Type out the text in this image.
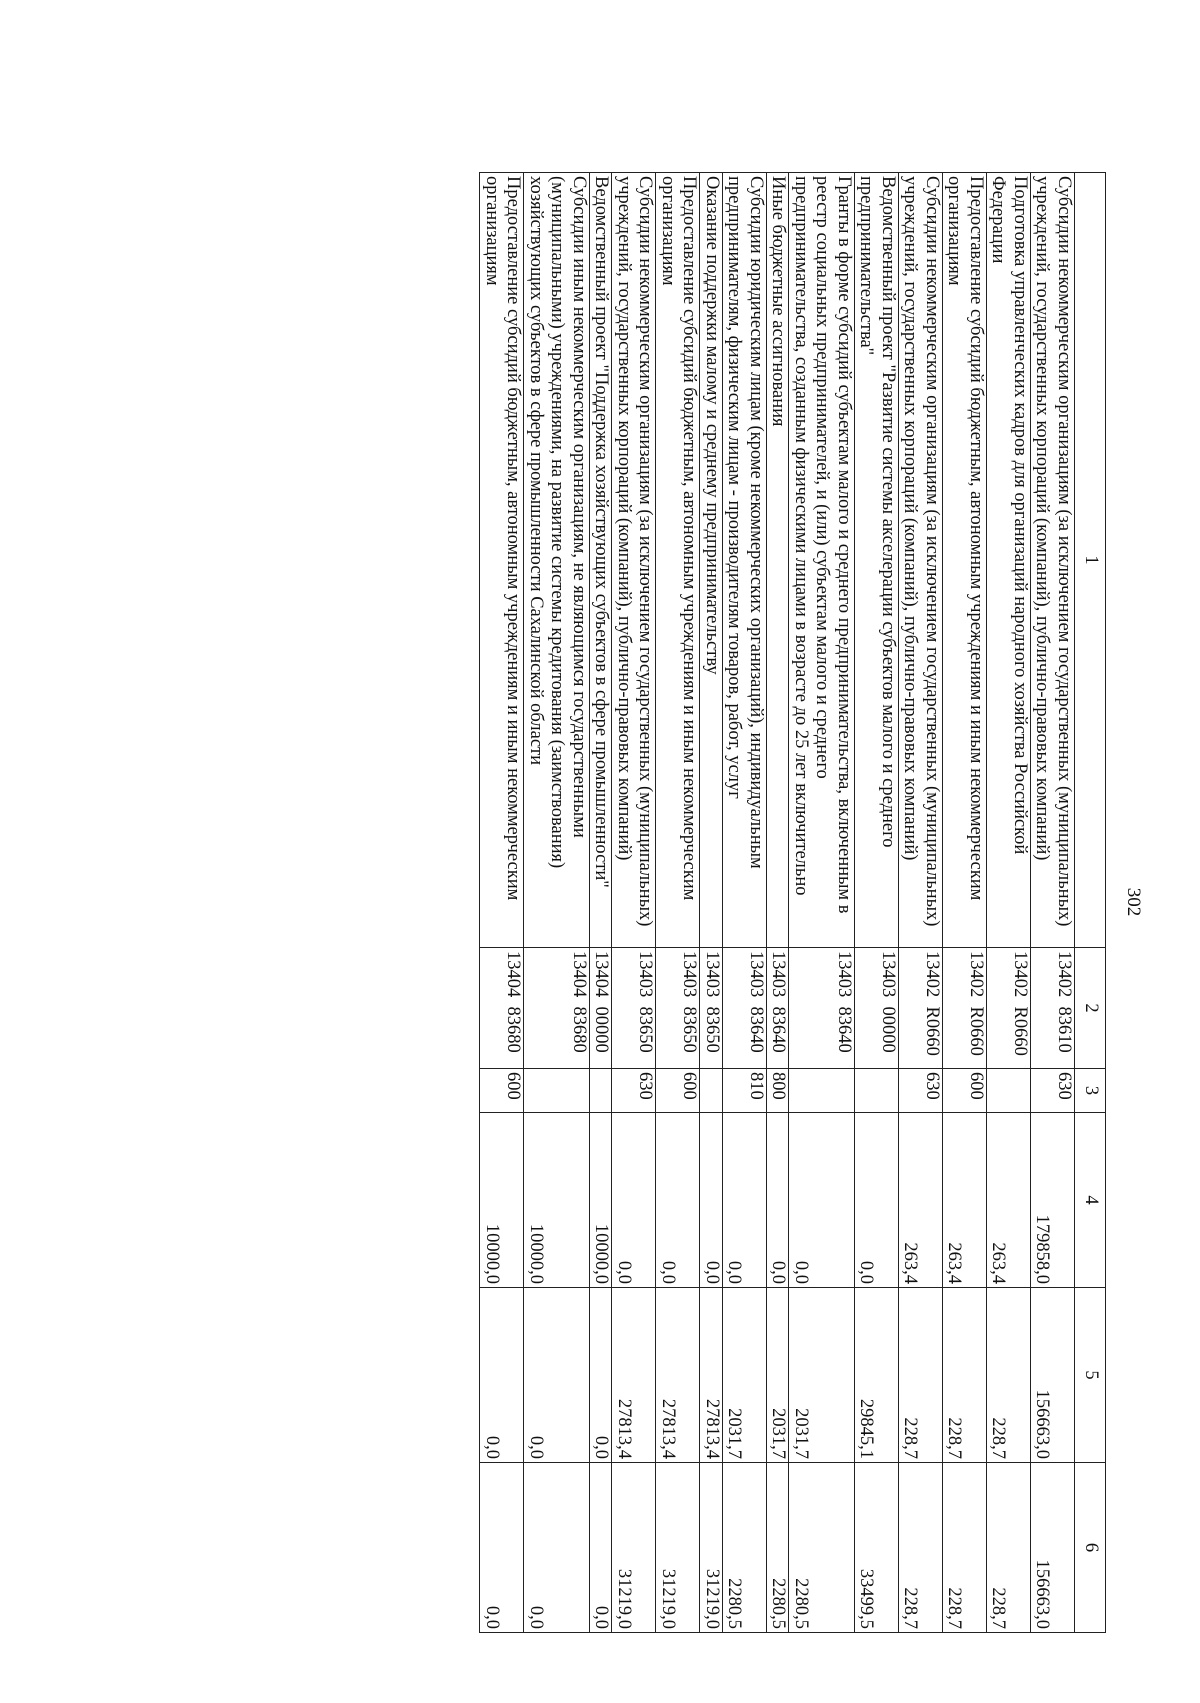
302
1	2	3	4	5	6
Субсидии некоммерческим организациям (за исключением государственных (муниципальных) учреждений, государственных корпораций (компаний), публично-правовых компаний)	13402  83610	630	179858,0	156663,0	156663,0
Подготовка управленческих кадров для организаций народного хозяйства Российской Федерации	13402  R0660		263,4	228,7	228,7
Предоставление субсидий бюджетным, автономным учреждениям и иным некоммерческим организациям	13402  R0660	600	263,4	228,7	228,7
Субсидии некоммерческим организациям (за исключением государственных (муниципальных) учреждений, государственных корпораций (компаний), публично-правовых компаний)	13402  R0660	630	263,4	228,7	228,7
Ведомственный проект "Развитие системы акселерации субъектов малого и среднего предпринимательства"	13403  00000		0,0	29845,1	33499,5
Гранты в форме субсидий субъектам малого и среднего предпринимательства, включенным в реестр социальных предпринимателей, и (или) субъектам малого и среднего предпринимательства, созданным физическими лицами в возрасте до 25 лет включительно	13403  83640		0,0	2031,7	2280,5
Иные бюджетные ассигнования	13403  83640	800	0,0	2031,7	2280,5
Субсидии юридическим лицам (кроме некоммерческих организаций), индивидуальным предпринимателям, физическим лицам - производителям товаров, работ, услуг	13403  83640	810	0,0	2031,7	2280,5
Оказание поддержки малому и среднему предпринимательству	13403  83650		0,0	27813,4	31219,0
Предоставление субсидий бюджетным, автономным учреждениям и иным некоммерческим организациям	13403  83650	600	0,0	27813,4	31219,0
Субсидии некоммерческим организациям (за исключением государственных (муниципальных) учреждений, государственных корпораций (компаний), публично-правовых компаний)	13403  83650	630	0,0	27813,4	31219,0
Ведомственный проект "Поддержка хозяйствующих субъектов в сфере промышленности"	13404  00000		10000,0	0,0	0,0
Субсидии иным некоммерческим организациям, не являющимся государственными (муниципальными) учреждениями, на развитие системы кредитования (заимствования) хозяйствующих субъектов в сфере промышленности Сахалинской области	13404  83680		10000,0	0,0	0,0
Предоставление субсидий бюджетным, автономным учреждениям и иным некоммерческим организациям	13404  83680	600	10000,0	0,0	0,0
